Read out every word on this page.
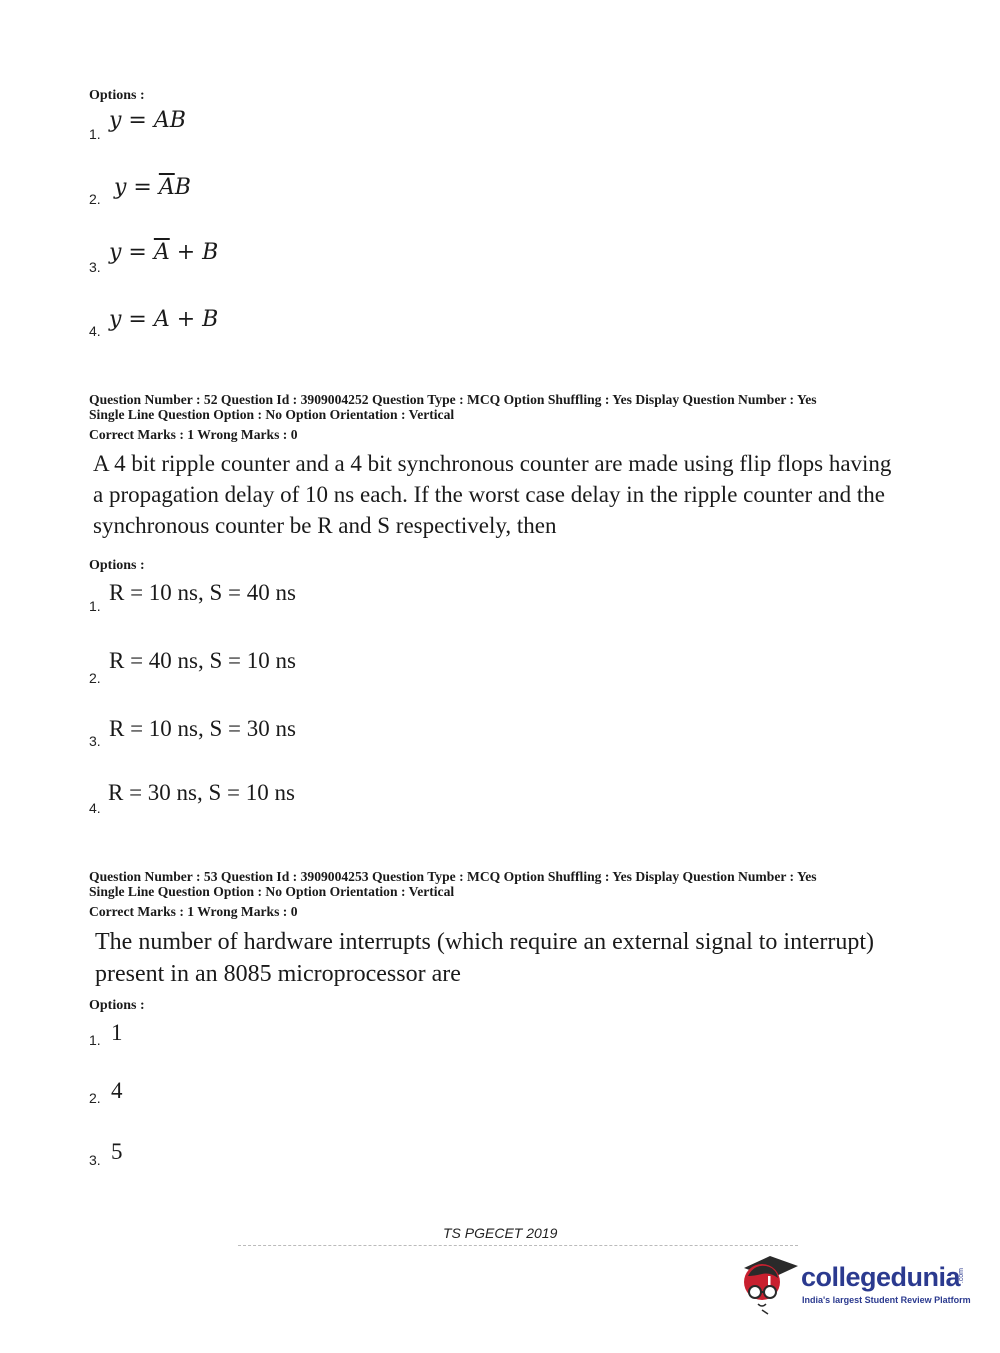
Options :
1.
y = AB
2. $y = \overline{A}B$
3.
$y = \overline{A} + B$
4. y = A + B
Question Number : 52 Question Id : 3909004252 Question Type : MCQ Option Shuffling : Yes Display Question Number : Yes
Single Line Question Option : No Option Orientation : Vertical
Correct Marks : 1 Wrong Marks : 0
A 4 bit ripple counter and a 4 bit synchronous counter are made using flip flops having
a propagation delay of 10 ns each. If the worst case delay in the ripple counter and the
synchronous counter be R and S respectively, then
Options :
1.
R = 10 ns, S = 40 ns
2.
R = 40 ns, S = 10 ns
3. R = 10 ns, S = 30 ns
4.
R = 30 ns, S = 10 ns
Question Number : 53 Question Id : 3909004253 Question Type : MCQ Option Shuffling : Yes Display Question Number : Yes
Single Line Question Option : No Option Orientation : Vertical
Correct Marks : 1 Wrong Marks : 0
The number of hardware interrupts (which require an external signal to interrupt)
present in an 8085 microprocessor are
Options :
1. 1
2. 4
3. 5
TS PGECET 2019
collegedunia
.com
India's largest Student Review Platform
